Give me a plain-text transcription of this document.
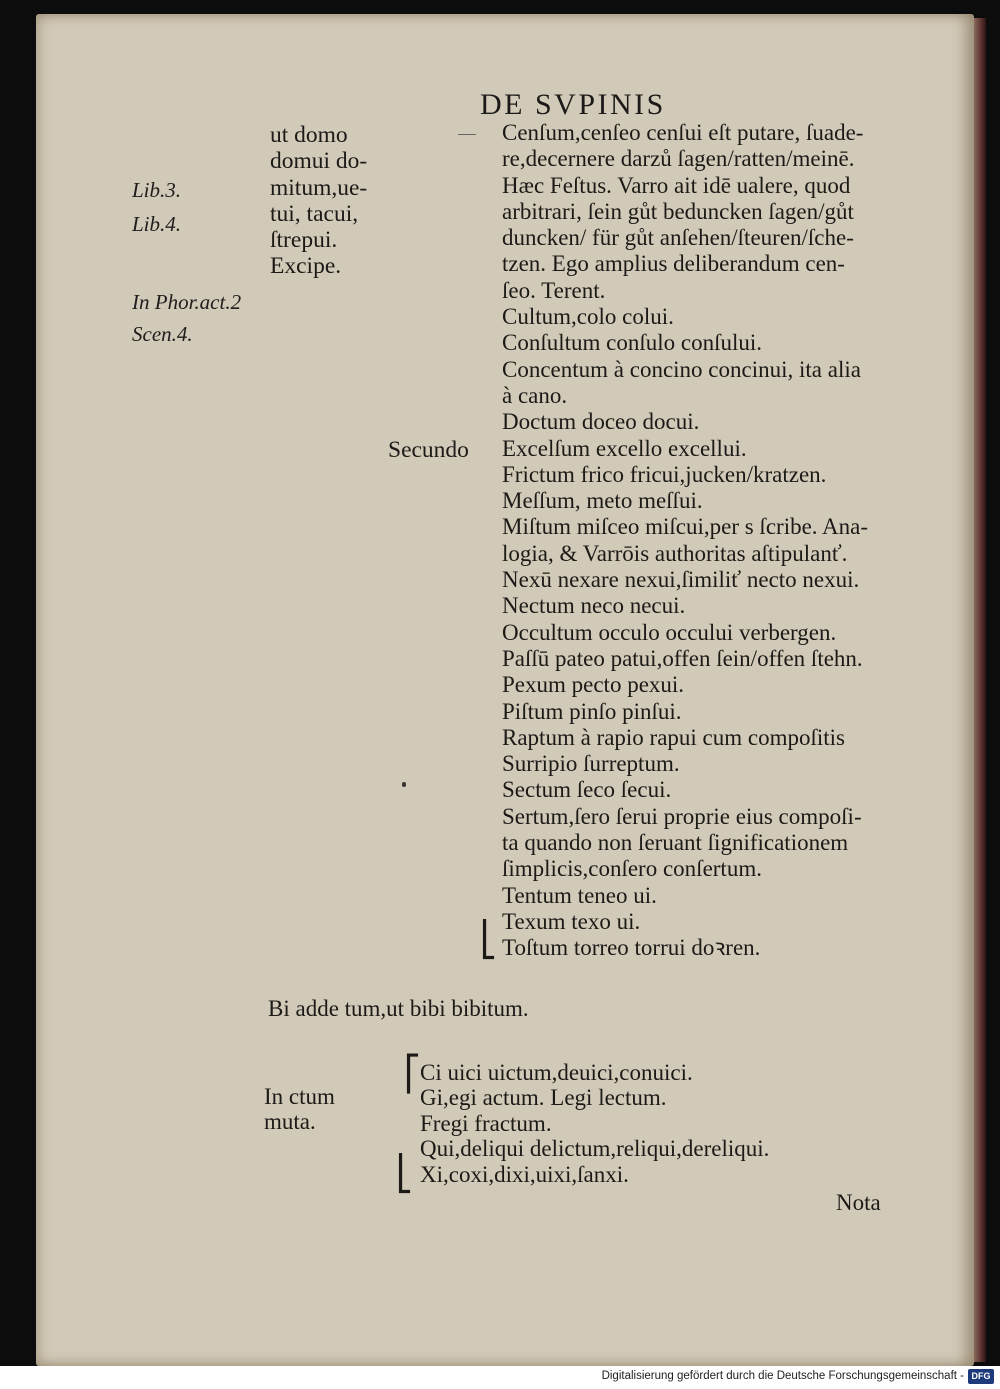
DE SVPINIS
Lib.3.
Lib.4.
In Phor.act.2
Scen.4.
ut domo
domui do-
mitum,ue-
tui, tacui,
ſtrepui.
Excipe.
Secundo
Cenſum,cenſeo cenſui eſt putare, ſuade-
re,decernere darzů ſagen/ratten/meinē.
Hæc Feſtus. Varro ait idē ualere, quod
arbitrari, ſein gůt beduncken ſagen/gůt
duncken/ für gůt anſehen/ſteuren/ſche-
tzen. Ego amplius deliberandum cen-
ſeo. Terent.
Cultum,colo colui.
Conſultum conſulo conſului.
Concentum à concino concinui, ita alia
à cano.
Doctum doceo docui.
Excelſum excello excellui.
Frictum frico fricui,jucken/kratzen.
Meſſum, meto meſſui.
Miſtum miſceo miſcui,per s ſcribe. Ana-
logia, & Varrōis authoritas aſtipulanť.
Nexū nexare nexui,ſimiliť necto nexui.
Nectum neco necui.
Occultum occulo occului verbergen.
Paſſū pateo patui,offen ſein/offen ſtehn.
Pexum pecto pexui.
Piſtum pinſo pinſui.
Raptum à rapio rapui cum compoſitis
Surripio ſurreptum.
Sectum ſeco ſecui.
Sertum,ſero ſerui proprie eius compoſi-
ta quando non ſeruant ſignificationem
ſimplicis,conſero conſertum.
Tentum teneo ui.
Texum texo ui.
Toſtum torreo torrui doꝛren.
⎣
Bi adde tum,ut bibi bibitum.
In ctum
muta.
⎡
⎣
Ci uici uictum,deuici,conuici.
Gi,egi actum. Legi lectum.
Fregi fractum.
Qui,deliqui delictum,reliqui,dereliqui.
Xi,coxi,dixi,uixi,ſanxi.
Nota
Digitalisierung gefördert durch die Deutsche Forschungsgemeinschaft - DFG
